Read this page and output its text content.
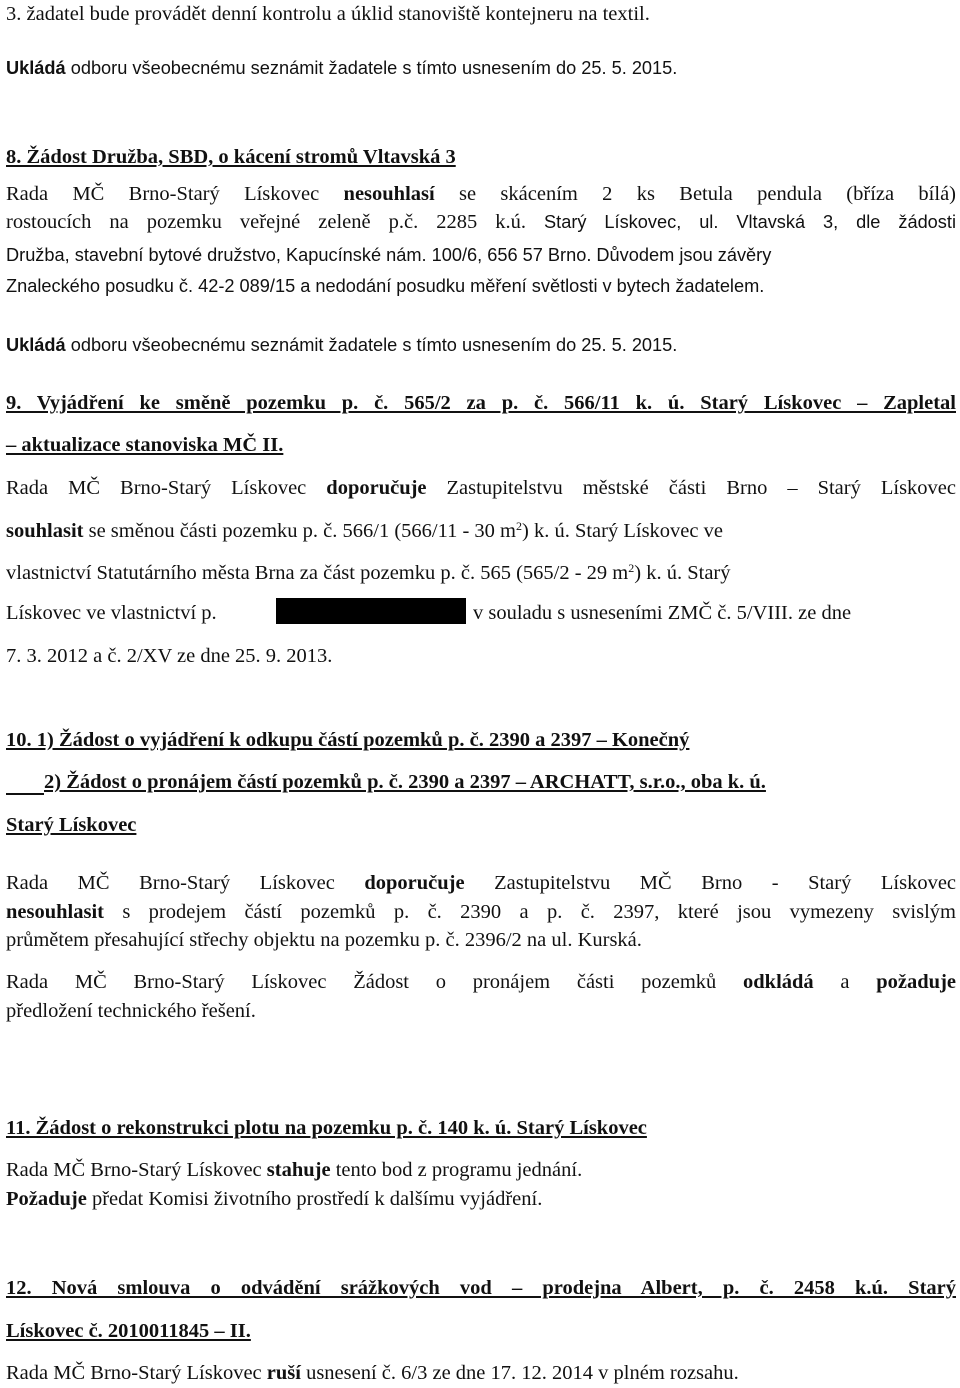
3. žadatel bude provádět denní kontrolu a úklid stanoviště kontejneru na textil.
Ukládá odboru všeobecnému seznámit žadatele s tímto usnesením do 25. 5. 2015.
8. Žádost Družba, SBD, o kácení stromů Vltavská 3
Rada MČ Brno-Starý Lískovec nesouhlasí se skácením 2 ks Betula pendula (bříza bílá)
rostoucích na pozemku veřejné zeleně p.č. 2285 k.ú. Starý Lískovec, ul. Vltavská 3, dle žádosti
Družba, stavební bytové družstvo, Kapucínské nám. 100/6, 656 57 Brno. Důvodem jsou závěry
Znaleckého posudku č. 42-2 089/15 a nedodání posudku měření světlosti v bytech žadatelem.
Ukládá odboru všeobecnému seznámit žadatele s tímto usnesením do 25. 5. 2015.
9. Vyjádření ke směně pozemku p. č. 565/2 za p. č. 566/11 k. ú. Starý Lískovec – Zapletal
– aktualizace stanoviska MČ II.
Rada MČ Brno-Starý Lískovec doporučuje Zastupitelstvu městské části Brno – Starý Lískovec
souhlasit se směnou části pozemku p. č. 566/1 (566/11 - 30 $m^2$) k. ú. Starý Lískovec ve
vlastnictví Statutárního města Brna za část pozemku p. č. 565 (565/2 - 29 $m^2$) k. ú. Starý
Lískovec ve vlastnictví p.	v souladu s usneseními ZMČ č. 5/VIII. ze dne
7. 3. 2012 a č. 2/XV ze dne 25. 9. 2013.
10. 1) Žádost o vyjádření k odkupu částí pozemků p. č. 2390 a 2397 – Konečný
2) Žádost o pronájem částí pozemků p. č. 2390 a 2397 – ARCHATT, s.r.o., oba k. ú.
Starý Lískovec
Rada MČ Brno-Starý Lískovec doporučuje Zastupitelstvu MČ Brno - Starý Lískovec
nesouhlasit s prodejem částí pozemků p. č. 2390 a p. č. 2397, které jsou vymezeny svislým
průmětem přesahující střechy objektu na pozemku p. č. 2396/2 na ul. Kurská.
Rada MČ Brno-Starý Lískovec Žádost o pronájem části pozemků odkládá a požaduje
předložení technického řešení.
11. Žádost o rekonstrukci plotu na pozemku p. č. 140 k. ú. Starý Lískovec
Rada MČ Brno-Starý Lískovec stahuje tento bod z programu jednání.
Požaduje předat Komisi životního prostředí k dalšímu vyjádření.
12. Nová smlouva o odvádění srážkových vod – prodejna Albert, p. č. 2458 k.ú. Starý
Lískovec č. 2010011845 – II.
Rada MČ Brno-Starý Lískovec ruší usnesení č. 6/3 ze dne 17. 12. 2014 v plném rozsahu.
